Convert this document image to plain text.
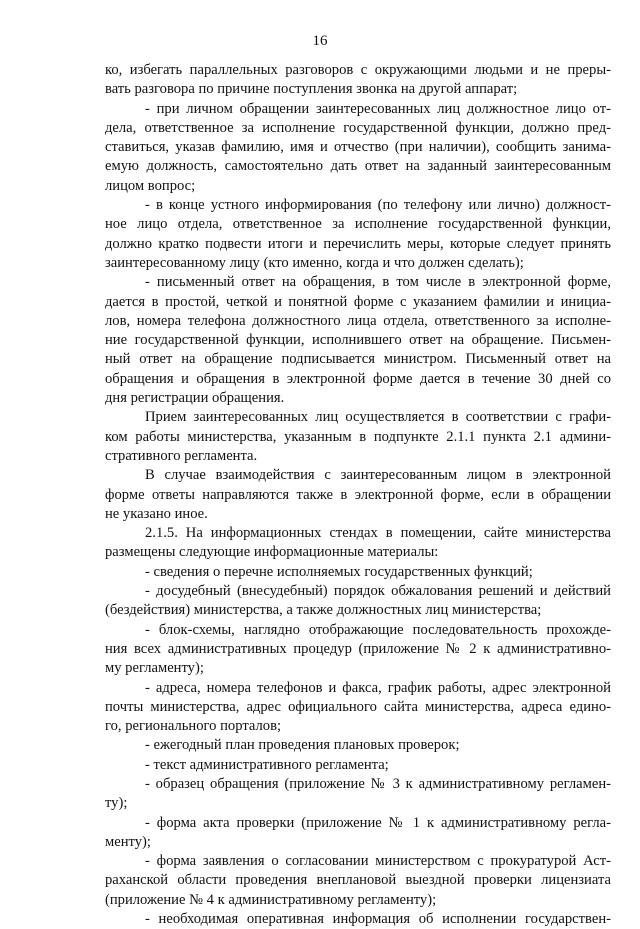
16
ко, избегать параллельных разговоров с окружающими людьми и не преры-
вать разговора по причине поступления звонка на другой аппарат;
- при личном обращении заинтересованных лиц должностное лицо от-
дела, ответственное за исполнение государственной функции, должно пред-
ставиться, указав фамилию, имя и отчество (при наличии), сообщить занима-
емую должность, самостоятельно дать ответ на заданный заинтересованным
лицом вопрос;
- в конце устного информирования (по телефону или лично) должност-
ное лицо отдела, ответственное за исполнение государственной функции,
должно кратко подвести итоги и перечислить меры, которые следует принять
заинтересованному лицу (кто именно, когда и что должен сделать);
- письменный ответ на обращения, в том числе в электронной форме,
дается в простой, четкой и понятной форме с указанием фамилии и инициа-
лов, номера телефона должностного лица отдела, ответственного за исполне-
ние государственной функции, исполнившего ответ на обращение. Письмен-
ный ответ на обращение подписывается министром. Письменный ответ на
обращения и обращения в электронной форме дается в течение 30 дней со
дня регистрации обращения.
Прием заинтересованных лиц осуществляется в соответствии с графи-
ком работы министерства, указанным в подпункте 2.1.1 пункта 2.1 админи-
стративного регламента.
В случае взаимодействия с заинтересованным лицом в электронной
форме ответы направляются также в электронной форме, если в обращении
не указано иное.
2.1.5. На информационных стендах в помещении, сайте министерства
размещены следующие информационные материалы:
- сведения о перечне исполняемых государственных функций;
- досудебный (внесудебный) порядок обжалования решений и действий
(бездействия) министерства, а также должностных лиц министерства;
- блок-схемы, наглядно отображающие последовательность прохожде-
ния всех административных процедур (приложение № 2 к административно-
му регламенту);
- адреса, номера телефонов и факса, график работы, адрес электронной
почты министерства, адрес официального сайта министерства, адреса едино-
го, регионального порталов;
- ежегодный план проведения плановых проверок;
- текст административного регламента;
- образец обращения (приложение № 3 к административному регламен-
ту);
- форма акта проверки (приложение № 1 к административному регла-
менту);
- форма заявления о согласовании министерством с прокуратурой Аст-
раханской области проведения внеплановой выездной проверки лицензиата
(приложение № 4 к административному регламенту);
- необходимая оперативная информация об исполнении государствен-
